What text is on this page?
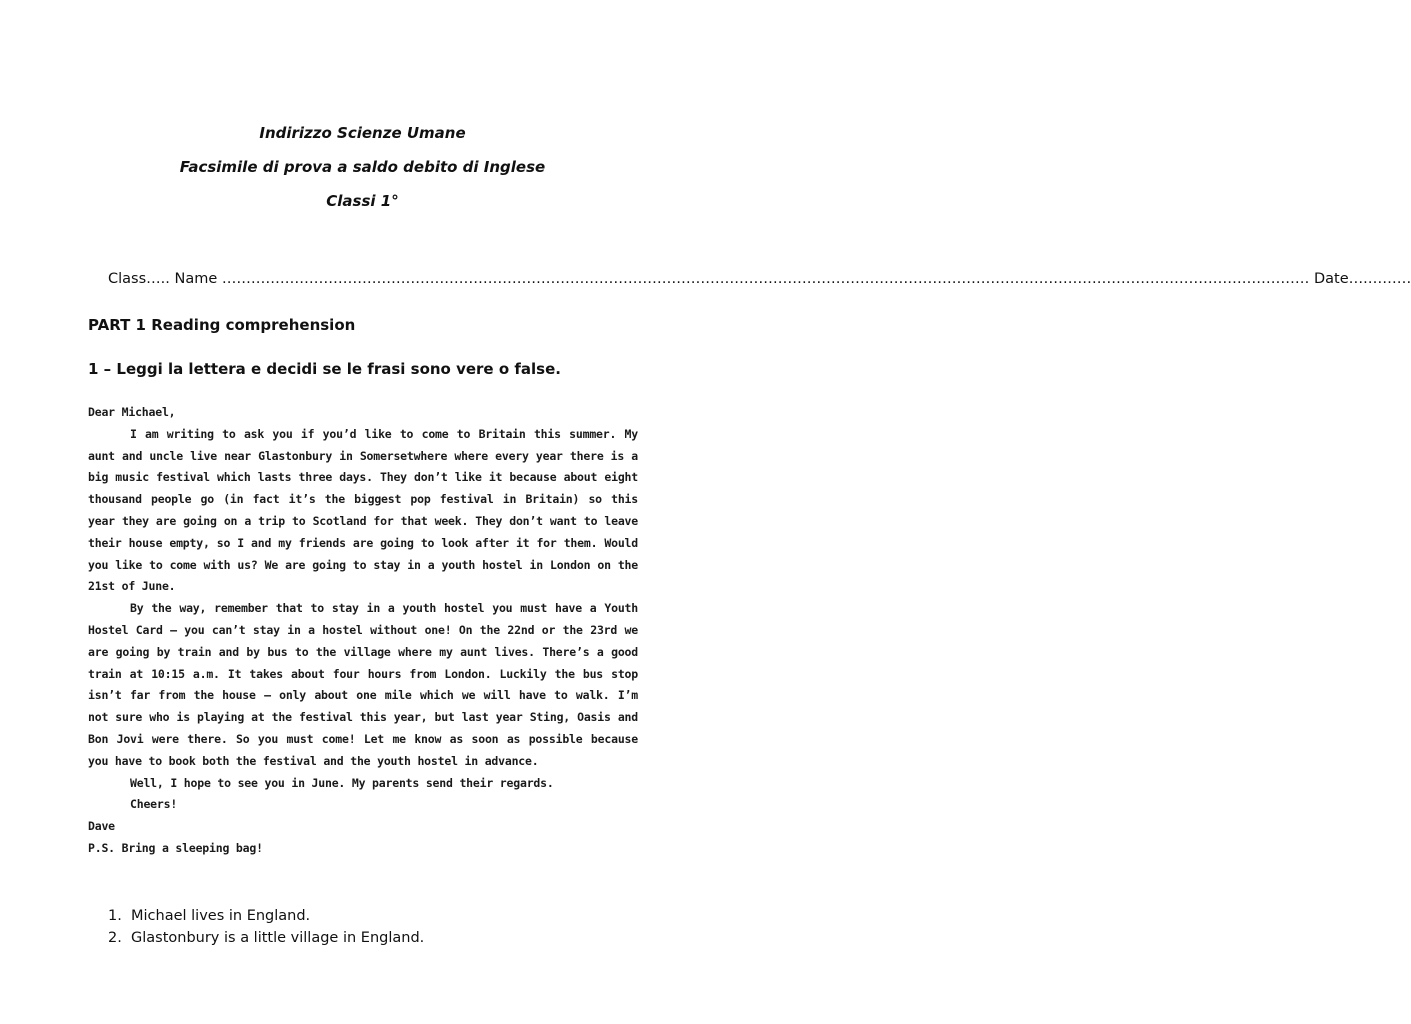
Indirizzo Scienze Umane
Facsimile di prova a saldo debito di Inglese
Classi 1°
Class….. Name ……………………………………………………………………………………………………………………………………………………………………………………………………… Date….………
PART 1 Reading comprehension
1 – Leggi la lettera e decidi se le frasi sono vere o false.

Dear Michael,

I am writing to ask you if you’d like to come to Britain this summer. My aunt and uncle live near Glastonbury in Somersetwhere where every year there is a big music festival which lasts three days. They don’t like it because about eight thousand people go (in fact it’s the biggest pop festival in Britain) so this year they are going on a trip to Scotland for that week. They don’t want to leave their house empty, so I and my friends are going to look after it for them. Would you like to come with us? We are going to stay in a youth hostel in London on the 21st of June.

By the way, remember that to stay in a youth hostel you must have a Youth Hostel Card – you can’t stay in a hostel without one! On the 22nd or the 23rd we are going by train and by bus to the village where my aunt lives. There’s a good train at 10:15 a.m. It takes about four hours from London. Luckily the bus stop isn’t far from the house – only about one mile which we will have to walk. I’m not sure who is playing at the festival this year, but last year Sting, Oasis and Bon Jovi were there. So you must come! Let me know as soon as possible because you have to book both the festival and the youth hostel in advance.

Well, I hope to see you in June. My parents send their regards.

Cheers!

Dave

P.S. Bring a sleeping bag!

1. Michael lives in England.
2. Glastonbury is a little village in England.
